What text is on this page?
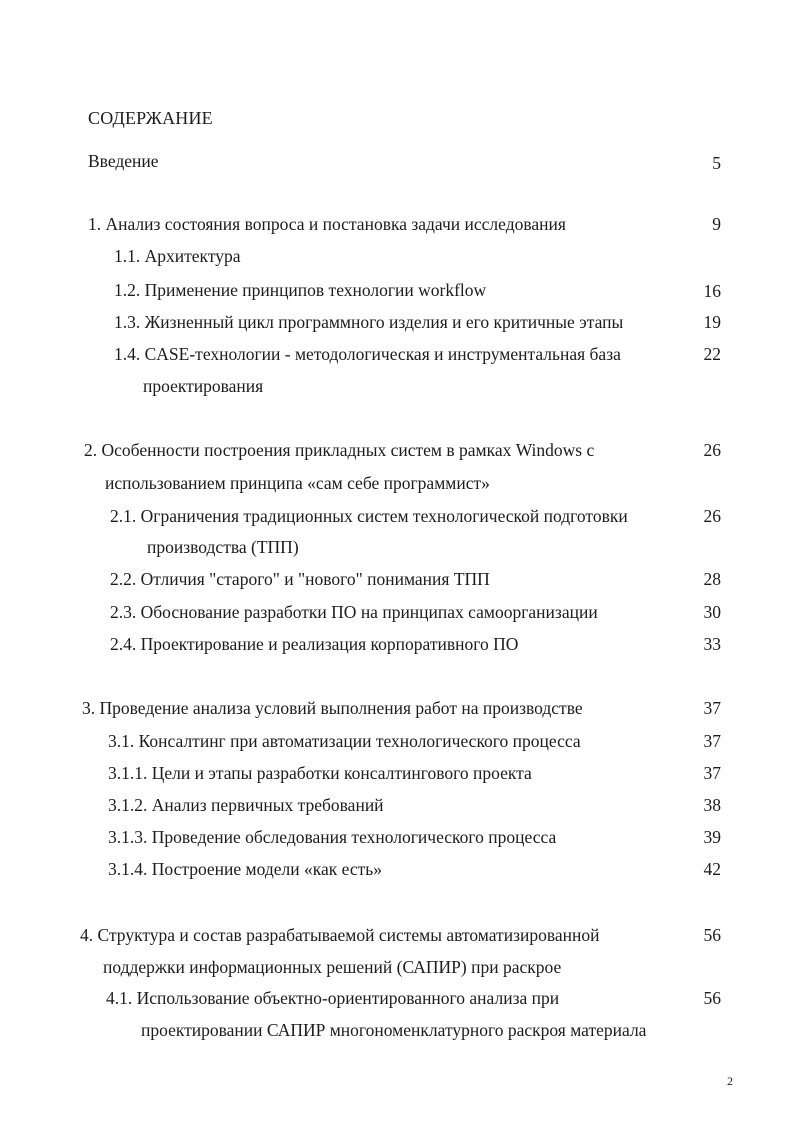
СОДЕРЖАНИЕ
Введение	5
1. Анализ состояния вопроса и постановка задачи исследования	9
1.1. Архитектура
1.2. Применение принципов технологии workflow	16
1.3. Жизненный цикл программного изделия и его критичные этапы	19
1.4. CASE-технологии - методологическая и инструментальная база	22
проектирования
2. Особенности построения прикладных систем в рамках Windows с	26
использованием принципа «сам себе программист»
2.1. Ограничения традиционных систем технологической подготовки	26
производства (ТПП)
2.2. Отличия "старого" и "нового" понимания ТПП	28
2.3. Обоснование разработки ПО на принципах самоорганизации	30
2.4. Проектирование и реализация корпоративного ПО	33
3. Проведение анализа условий выполнения работ на производстве	37
3.1. Консалтинг при автоматизации технологического процесса	37
3.1.1. Цели и этапы разработки консалтингового проекта	37
3.1.2. Анализ первичных требований	38
3.1.3. Проведение обследования технологического процесса	39
3.1.4. Построение модели «как есть»	42
4. Структура и состав разрабатываемой системы автоматизированной	56
поддержки информационных решений (САПИР) при раскрое
4.1. Использование объектно-ориентированного анализа при	56
проектировании САПИР многономенклатурного раскроя материала
2
